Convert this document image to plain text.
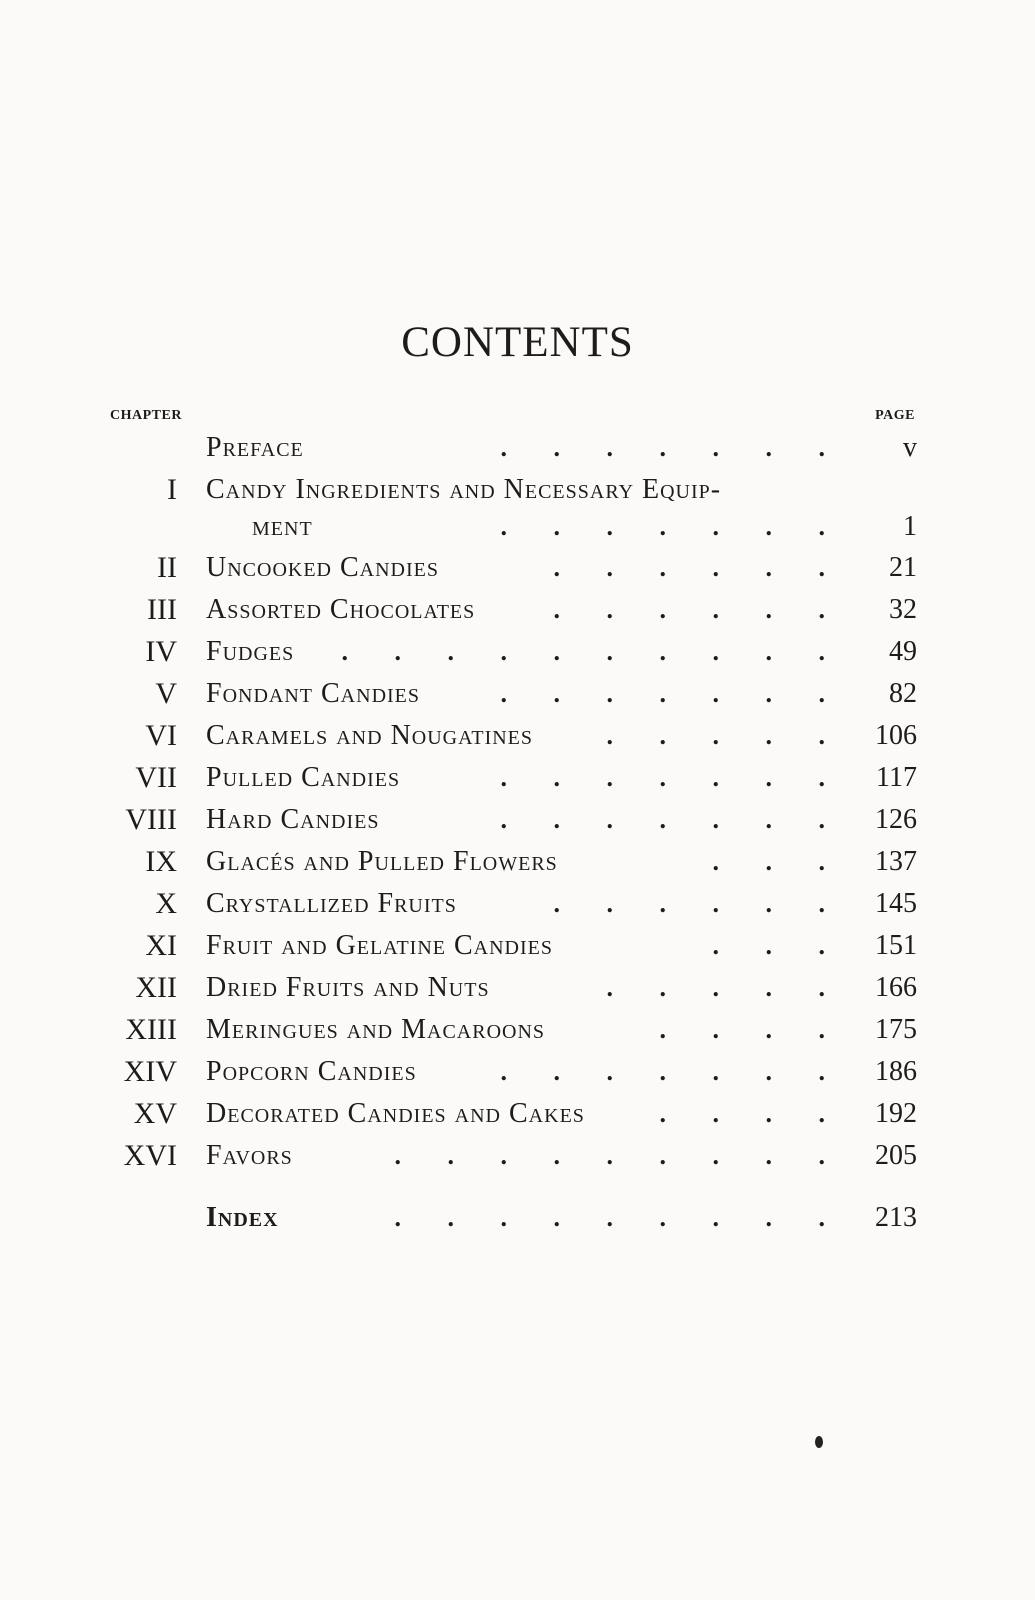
CONTENTS
CHAPTER	PAGE
Preface	. . . . . . . v
I Candy Ingredients and Necessary Equip-
ment	. . . . . . . 1
II Uncooked Candies	. . . . . . 21
III Assorted Chocolates	. . . . . . 32
IV Fudges . . . . . . . . . . 49
V Fondant Candies	. . . . . . . 82
VI Caramels and Nougatines	. . . . . 106
VII Pulled Candies	. . . . . . . 117
VIII Hard Candies	. . . . . . . 126
IX Glacés and Pulled Flowers	. . . 137
X Crystallized Fruits	. . . . . . 145
XI Fruit and Gelatine Candies	. . . 151
XII Dried Fruits and Nuts	. . . . . 166
XIII Meringues and Macaroons	. . . . 175
XIV Popcorn Candies	. . . . . . . 186
XV Decorated Candies and Cakes	. . . . 192
XVI Favors	. . . . . . . . . 205
Index	. . . . . . . . . 213
